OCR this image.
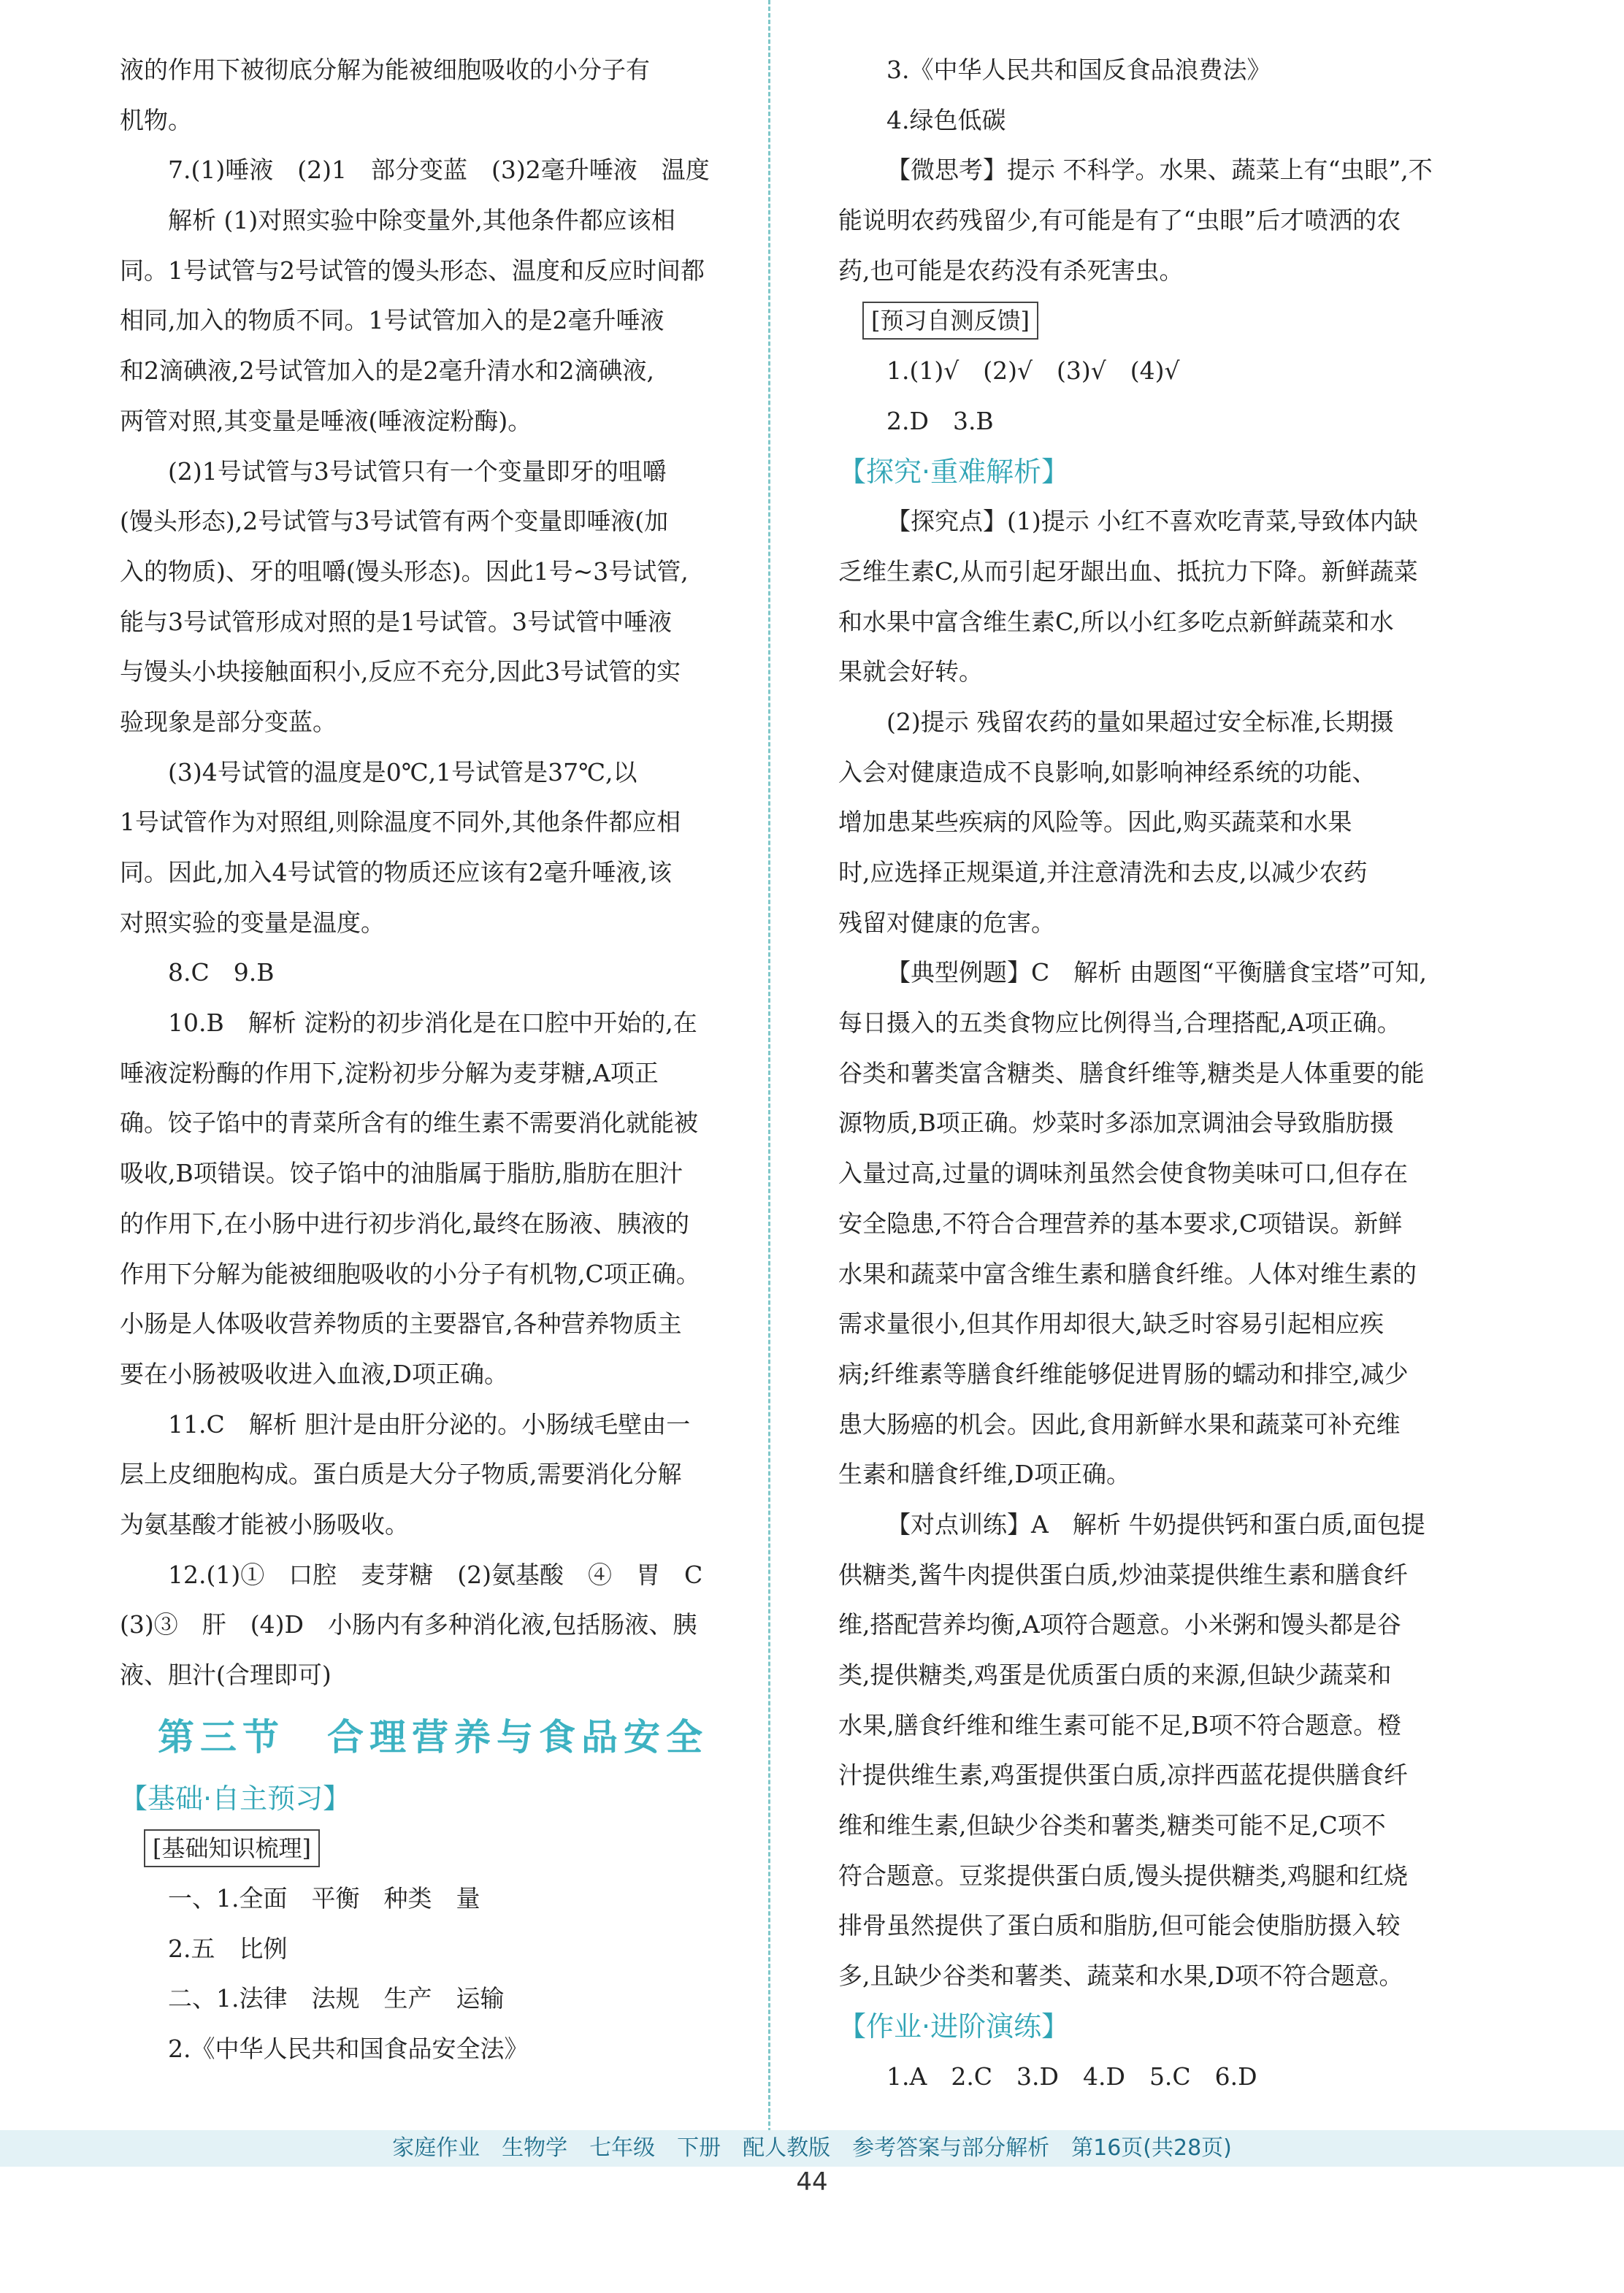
液的作用下被彻底分解为能被细胞吸收的小分子有
机物。
7.(1)唾液　(2)1　部分变蓝　(3)2毫升唾液　温度
解析 (1)对照实验中除变量外,其他条件都应该相
同。1号试管与2号试管的馒头形态、温度和反应时间都
相同,加入的物质不同。1号试管加入的是2毫升唾液
和2滴碘液,2号试管加入的是2毫升清水和2滴碘液,
两管对照,其变量是唾液(唾液淀粉酶)。
(2)1号试管与3号试管只有一个变量即牙的咀嚼
(馒头形态),2号试管与3号试管有两个变量即唾液(加
入的物质)、牙的咀嚼(馒头形态)。因此1号~3号试管,
能与3号试管形成对照的是1号试管。3号试管中唾液
与馒头小块接触面积小,反应不充分,因此3号试管的实
验现象是部分变蓝。
(3)4号试管的温度是0℃,1号试管是37℃,以
1号试管作为对照组,则除温度不同外,其他条件都应相
同。因此,加入4号试管的物质还应该有2毫升唾液,该
对照实验的变量是温度。
8.C　9.B
10.B　解析 淀粉的初步消化是在口腔中开始的,在
唾液淀粉酶的作用下,淀粉初步分解为麦芽糖,A项正
确。饺子馅中的青菜所含有的维生素不需要消化就能被
吸收,B项错误。饺子馅中的油脂属于脂肪,脂肪在胆汁
的作用下,在小肠中进行初步消化,最终在肠液、胰液的
作用下分解为能被细胞吸收的小分子有机物,C项正确。
小肠是人体吸收营养物质的主要器官,各种营养物质主
要在小肠被吸收进入血液,D项正确。
11.C　解析 胆汁是由肝分泌的。小肠绒毛壁由一
层上皮细胞构成。蛋白质是大分子物质,需要消化分解
为氨基酸才能被小肠吸收。
12.(1)①　口腔　麦芽糖　(2)氨基酸　④　胃　C
(3)③　肝　(4)D　小肠内有多种消化液,包括肠液、胰
液、胆汁(合理即可)
第三节　合理营养与食品安全
【基础·自主预习】
[基础知识梳理]
一、1.全面　平衡　种类　量
2.五　比例
二、1.法律　法规　生产　运输
2.《中华人民共和国食品安全法》
3.《中华人民共和国反食品浪费法》
4.绿色低碳
【微思考】提示 不科学。水果、蔬菜上有“虫眼”,不
能说明农药残留少,有可能是有了“虫眼”后才喷洒的农
药,也可能是农药没有杀死害虫。
[预习自测反馈]
1.(1)√　(2)√　(3)√　(4)√
2.D　3.B
【探究·重难解析】
【探究点】(1)提示 小红不喜欢吃青菜,导致体内缺
乏维生素C,从而引起牙龈出血、抵抗力下降。新鲜蔬菜
和水果中富含维生素C,所以小红多吃点新鲜蔬菜和水
果就会好转。
(2)提示 残留农药的量如果超过安全标准,长期摄
入会对健康造成不良影响,如影响神经系统的功能、
增加患某些疾病的风险等。因此,购买蔬菜和水果
时,应选择正规渠道,并注意清洗和去皮,以减少农药
残留对健康的危害。
【典型例题】C　解析 由题图“平衡膳食宝塔”可知,
每日摄入的五类食物应比例得当,合理搭配,A项正确。
谷类和薯类富含糖类、膳食纤维等,糖类是人体重要的能
源物质,B项正确。炒菜时多添加烹调油会导致脂肪摄
入量过高,过量的调味剂虽然会使食物美味可口,但存在
安全隐患,不符合合理营养的基本要求,C项错误。新鲜
水果和蔬菜中富含维生素和膳食纤维。人体对维生素的
需求量很小,但其作用却很大,缺乏时容易引起相应疾
病;纤维素等膳食纤维能够促进胃肠的蠕动和排空,减少
患大肠癌的机会。因此,食用新鲜水果和蔬菜可补充维
生素和膳食纤维,D项正确。
【对点训练】A　解析 牛奶提供钙和蛋白质,面包提
供糖类,酱牛肉提供蛋白质,炒油菜提供维生素和膳食纤
维,搭配营养均衡,A项符合题意。小米粥和馒头都是谷
类,提供糖类,鸡蛋是优质蛋白质的来源,但缺少蔬菜和
水果,膳食纤维和维生素可能不足,B项不符合题意。橙
汁提供维生素,鸡蛋提供蛋白质,凉拌西蓝花提供膳食纤
维和维生素,但缺少谷类和薯类,糖类可能不足,C项不
符合题意。豆浆提供蛋白质,馒头提供糖类,鸡腿和红烧
排骨虽然提供了蛋白质和脂肪,但可能会使脂肪摄入较
多,且缺少谷类和薯类、蔬菜和水果,D项不符合题意。
【作业·进阶演练】
1.A　2.C　3.D　4.D　5.C　6.D
家庭作业　生物学　七年级　下册　配人教版　参考答案与部分解析　第16页(共28页)
44
